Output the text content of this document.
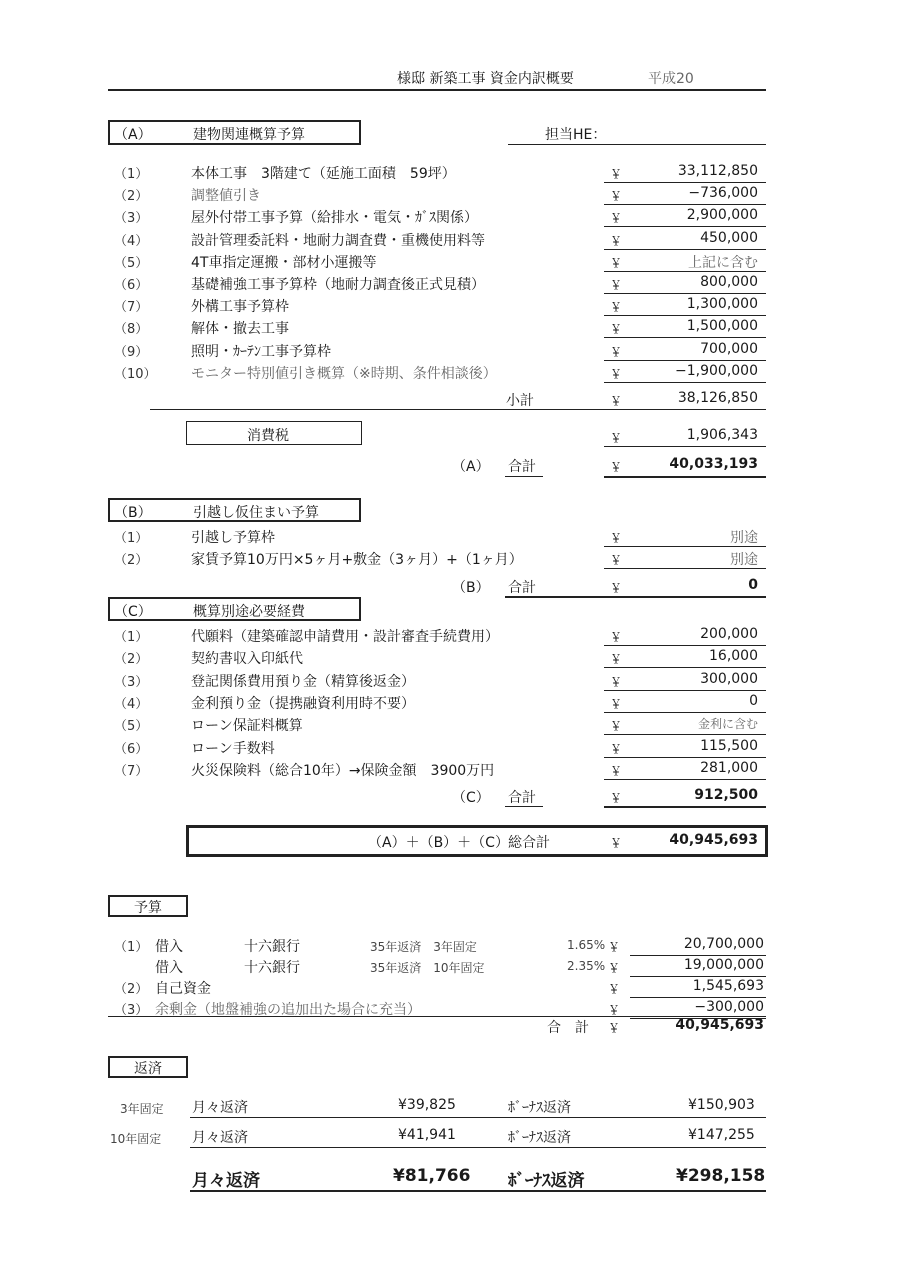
様邸 新築工事 資金内訳概要	平成20
（A）	建物関連概算予算	担当HE：
（1）	本体工事　3階建て（延施工面積　59坪）	￥	33,112,850
（2）	調整値引き	￥	−736,000
（3）	屋外付帯工事予算（給排水・電気・ｶﾞｽ関係）	￥	2,900,000
（4）	設計管理委託料・地耐力調査費・重機使用料等	￥	450,000
（5）	4T車指定運搬・部材小運搬等	￥	上記に含む
（6）	基礎補強工事予算枠（地耐力調査後正式見積）	￥	800,000
（7）	外構工事予算枠	￥	1,300,000
（8）	解体・撤去工事	￥	1,500,000
（9）	照明・ｶｰﾃﾝ工事予算枠	￥	700,000
（10） モニター特別値引き概算（※時期、条件相談後）	￥	−1,900,000
小計	￥	38,126,850
消費税	￥	1,906,343
（A） 合計	￥	40,033,193
（B）	引越し仮住まい予算
（1）	引越し予算枠	￥	別途
（2）	家賃予算10万円×5ヶ月+敷金（3ヶ月）+（1ヶ月）	￥	別途
（B） 合計	￥	0
（C）	概算別途必要経費
（1）	代願料（建築確認申請費用・設計審査手続費用）	￥	200,000
（2）	契約書収入印紙代	￥	16,000
（3）	登記関係費用預り金（精算後返金）	￥	300,000
（4）	金利預り金（提携融資利用時不要）	￥	0
（5）	ローン保証料概算	￥	金利に含む
（6）	ローン手数料	￥	115,500
（7）	火災保険料（総合10年）→保険金額　3900万円	￥	281,000
（C） 合計	￥	912,500
（A）＋（B）＋（C） 総合計	￥	40,945,693
予算
（1） 借入	十六銀行	35年返済　3年固定	1.65% ￥	20,700,000
借入	十六銀行	35年返済　10年固定	2.35% ￥	19,000,000
（2） 自己資金	￥	1,545,693
（3） 余剰金（地盤補強の追加出た場合に充当）	￥	−300,000
合　計 ￥	40,945,693
返済
3年固定 月々返済	¥39,825	ﾎﾞｰﾅｽ返済	¥150,903
10年固定 月々返済	¥41,941	ﾎﾞｰﾅｽ返済	¥147,255
月々返済	¥81,766 ﾎﾞｰﾅｽ返済	¥298,158
